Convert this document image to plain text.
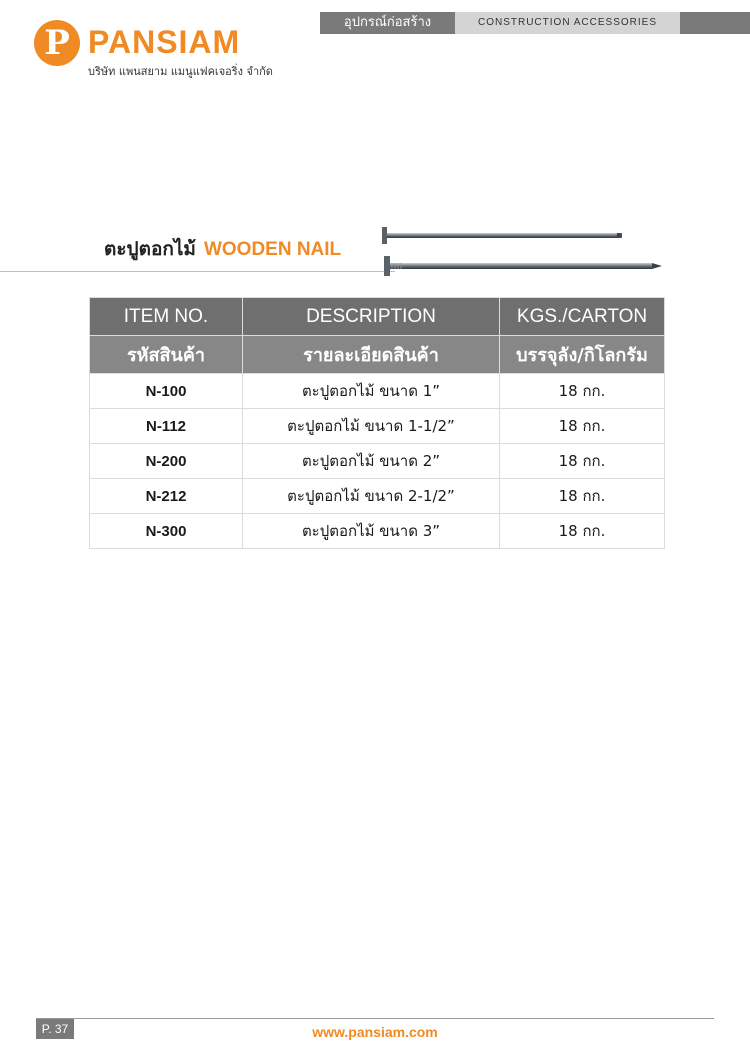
P PANSIAM
บริษัท แพนสยาม แมนูแฟคเจอริ่ง จำกัด
อุปกรณ์ก่อสร้าง	CONSTRUCTION ACCESSORIES
ตะปูตอกไม้ WOODEN NAIL
ITEM NO.	DESCRIPTION	KGS./CARTON
รหัสสินค้า	รายละเอียดสินค้า	บรรจุลัง/กิโลกรัม
N-100	ตะปูตอกไม้ ขนาด 1”	18 กก.
N-112	ตะปูตอกไม้ ขนาด 1-1/2”	18 กก.
N-200	ตะปูตอกไม้ ขนาด 2”	18 กก.
N-212	ตะปูตอกไม้ ขนาด 2-1/2”	18 กก.
N-300	ตะปูตอกไม้ ขนาด 3”	18 กก.
P. 37	www.pansiam.com
